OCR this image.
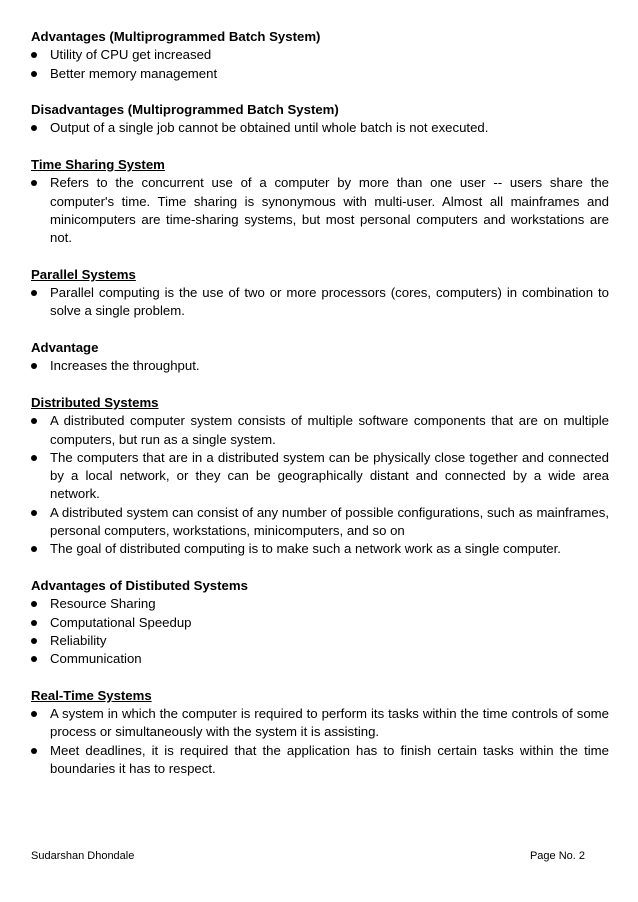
Advantages (Multiprogrammed Batch System)
Utility of CPU get increased
Better memory management
Disadvantages (Multiprogrammed Batch System)
Output of a single job cannot be obtained until whole batch is not executed.
Time Sharing System
Refers to the concurrent use of a computer by more than one user -- users share the computer's time. Time sharing is synonymous with multi-user. Almost all mainframes and minicomputers are time-sharing systems, but most personal computers and workstations are not.
Parallel Systems
Parallel computing is the use of two or more processors (cores, computers) in combination to solve a single problem.
Advantage
Increases the throughput.
Distributed Systems
A distributed computer system consists of multiple software components that are on multiple computers, but run as a single system.
The computers that are in a distributed system can be physically close together and connected by a local network, or they can be geographically distant and connected by a wide area network.
A distributed system can consist of any number of possible configurations, such as mainframes, personal computers, workstations, minicomputers, and so on
The goal of distributed computing is to make such a network work as a single computer.
Advantages of Distibuted Systems
Resource Sharing
Computational Speedup
Reliability
Communication
Real-Time Systems
A system in which the computer is required to perform its tasks within the time controls of some process or simultaneously with the system it is assisting.
Meet deadlines, it is required that the application has to finish certain tasks within the time boundaries it has to respect.
Sudarshan Dhondale	Page No. 2
